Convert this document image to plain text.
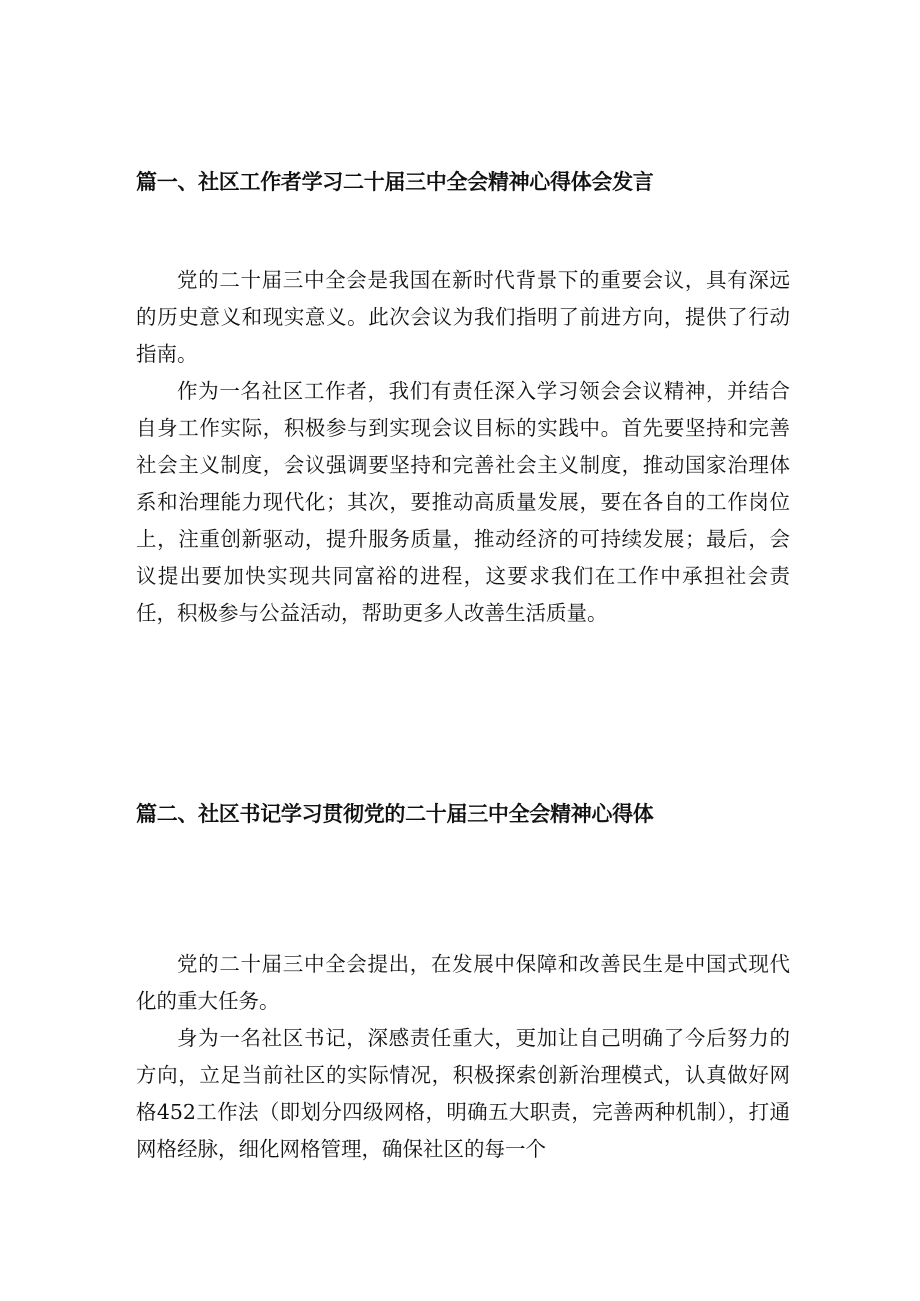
篇一、社区工作者学习二十届三中全会精神心得体会发言

党的二十届三中全会是我国在新时代背景下的重要会议，具有深远的历史意义和现实意义。此次会议为我们指明了前进方向，提供了行动指南。

作为一名社区工作者，我们有责任深入学习领会会议精神，并结合自身工作实际，积极参与到实现会议目标的实践中。首先要坚持和完善社会主义制度，会议强调要坚持和完善社会主义制度，推动国家治理体系和治理能力现代化；其次，要推动高质量发展，要在各自的工作岗位上，注重创新驱动，提升服务质量，推动经济的可持续发展；最后，会议提出要加快实现共同富裕的进程，这要求我们在工作中承担社会责任，积极参与公益活动，帮助更多人改善生活质量。

篇二、社区书记学习贯彻党的二十届三中全会精神心得体

党的二十届三中全会提出，在发展中保障和改善民生是中国式现代化的重大任务。

身为一名社区书记，深感责任重大，更加让自己明确了今后努力的方向，立足当前社区的实际情况，积极探索创新治理模式，认真做好网格452工作法（即划分四级网格，明确五大职责，完善两种机制），打通网格经脉，细化网格管理，确保社区的每一个
